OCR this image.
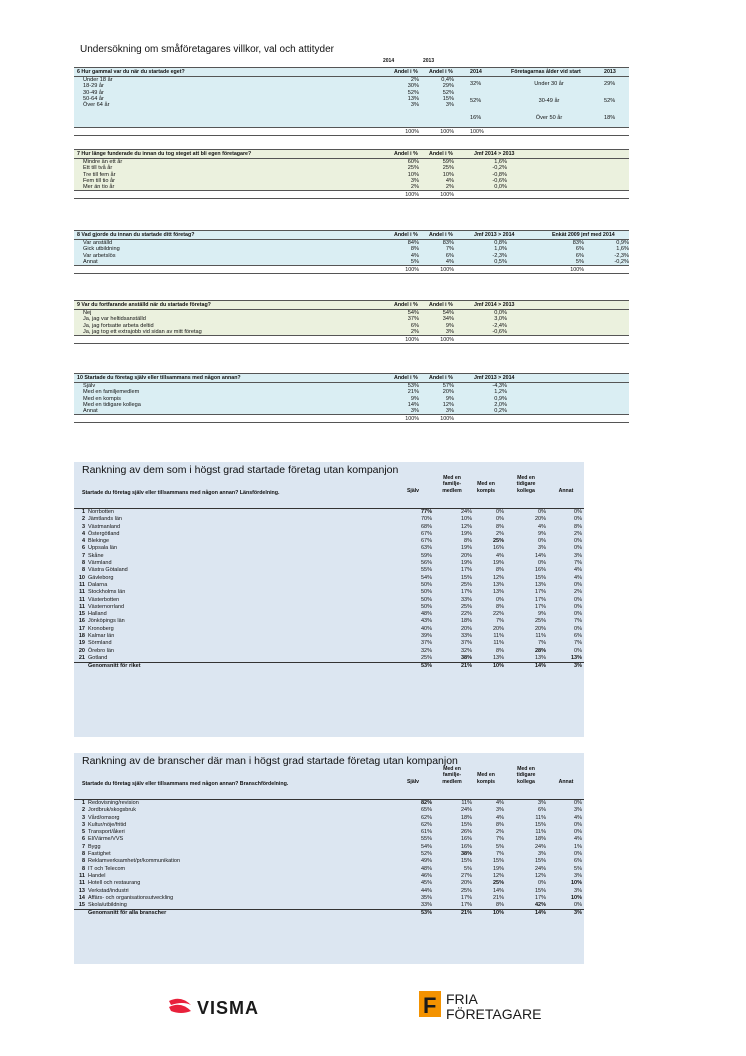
Undersökning om småföretagares villkor, val och attityder
2014	2013
6 Hur gammal var du när du startade eget?	Andel i % Andel i %	2014	Företagarnas ålder vid start	2013
Under 18 år	2%	0,4%
18-29 år	30%	29%
30-49 år	52%	52%
50-64 år	13%	15%
Över 64 år	3%	3%
32%	Under 30 år	29%
52%	30-49 år	52%
16%	Över 50 år	18%
100%	100%	100%
7 Hur länge funderade du innan du tog steget att bli egen företagare?	Andel i % Andel i %	Jmf 2014 > 2013
Mindre än ett år	60%	59%	1,6%
Ett till två år	25%	25%	-0,2%
Tre till fem år	10%	10%	-0,8%
Fem till tio år	3%	4%	-0,6%
Mer än tio år	2%	2%	0,0%
100%	100%
8 Vad gjorde du innan du startade ditt företag?	Andel i % Andel i %	Jmf 2013 > 2014	Enkät 2009 jmf med 2014
Var anställd	84%	83%	0,8%	83%	0,9%
Gick utbildning	8%	7%	1,0%	6%	1,6%
Var arbetslös	4%	6%	-2,3%	6%	-2,3%
Annat	5%	4%	0,5%	5%	-0,2%
100%	100%	100%
9 Var du fortfarande anställd när du startade företag?	Andel i % Andel i %	Jmf 2014 > 2013
Nej	54%	54%	0,0%
Ja, jag var heltidsanställd	37%	34%	3,0%
Ja, jag fortsatte arbeta deltid	6%	9%	-2,4%
Ja, jag tog ett extrajobb vid sidan av mitt företag	2%	3%	-0,6%
100%	100%
10 Startade du företag själv eller tillsammans med någon annan?	Andel i % Andel i %	Jmf 2013 > 2014
Själv	53%	57%	-4,3%
Med en familjemedlem	21%	20%	1,2%
Med en kompis	9%	9%	0,9%
Med en tidigare kollega	14%	12%	2,0%
Annat	3%	3%	0,2%
100%	100%
Rankning av dem som i högst grad startade företag utan kompanjon
Startade du företag själv eller tillsammans med någon annan? Länsfördelning.	Själv
Med en
familje-
medlem
Med en
kompis
Med en
tidigare
kollega	Annat
1 Norrbotten	77%	24%	0%	0%	0%
2 Jämtlands län	70%	10%	0%	20%	0%
3 Västmanland	68%	12%	8%	4%	8%
4 Östergötland	67%	19%	2%	9%	2%
4 Blekinge	67%	8%	25%	0%	0%
6 Uppsala län	63%	19%	16%	3%	0%
7 Skåne	59%	20%	4%	14%	3%
8 Värmland	56%	19%	19%	0%	7%
8 Västra Götaland	55%	17%	8%	16%	4%
10 Gävleborg	54%	15%	12%	15%	4%
11 Dalarna	50%	25%	13%	13%	0%
11 Stockholms län	50%	17%	13%	17%	2%
11 Västerbotten	50%	33%	0%	17%	0%
11 Västernorrland	50%	25%	8%	17%	0%
15 Halland	48%	22%	22%	9%	0%
16 Jönköpings län	43%	18%	7%	25%	7%
17 Kronoberg	40%	20%	20%	20%	0%
18 Kalmar län	39%	33%	11%	11%	6%
19 Sörmland	37%	37%	11%	7%	7%
20 Örebro län	32%	32%	8%	28%	0%
21 Gotland	25%	38%	13%	13%	13%
Genomsnitt för riket	53%	21%	10%	14%	3%
Rankning av de branscher där man i högst grad startade företag utan kompanjon
Startade du företag själv eller tillsammans med någon annan? Branschfördelning.	Själv
Med en
familje-
medlem
Med en
kompis
Med en
tidigare
kollega	Annat
1 Redovisning/revision	82%	11%	4%	3%	0%
2 Jordbruk/skogsbruk	65%	24%	3%	6%	3%
3 Vård/omsorg	62%	18%	4%	11%	4%
3 Kultur/nöje/fritid	62%	15%	8%	15%	0%
5 Transport/åkeri	61%	26%	2%	11%	0%
6 El/Värme/VVS	55%	16%	7%	18%	4%
7 Bygg	54%	16%	5%	24%	1%
8 Fastighet	52%	38%	7%	3%	0%
8 Reklamverksamhet/pr/kommunikation	49%	15%	15%	15%	6%
8 IT och Telecom	48%	5%	19%	24%	5%
11 Handel	46%	27%	12%	12%	3%
11 Hotell och restaurang	45%	20%	25%	0%	10%
13 Verkstad/industri	44%	25%	14%	15%	3%
14 Affärs- och organisationsutveckling	35%	17%	21%	17%	10%
15 Skola/utbildning	33%	17%	8%	42%	0%
Genomsnitt för alla branscher	53%	21%	10%	14%	3%
VISMA	F FRIA
FÖRETAGARE
